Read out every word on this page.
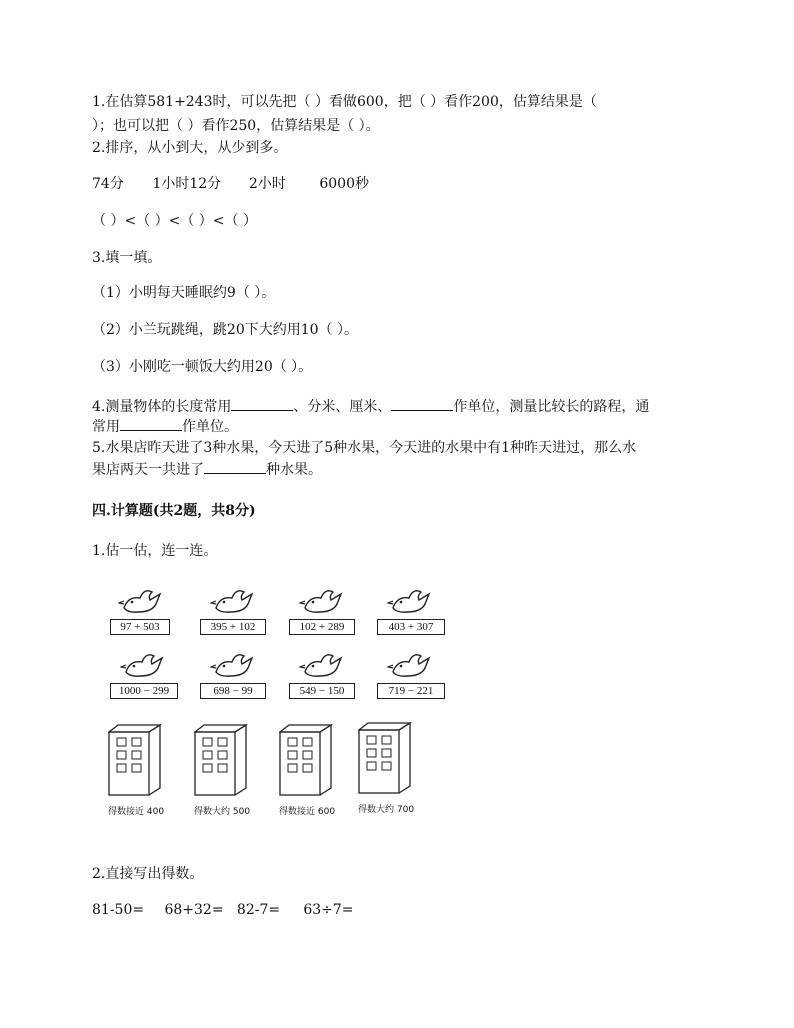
1.在估算581+243时，可以先把（ ）看做600，把（ ）看作200，估算结果是（
）；也可以把（ ）看作250，估算结果是（ ）。
2.排序，从小到大，从少到多。
74分 1小时12分 2小时 6000秒
（ ）<（ ）<（ ）<（ ）
3.填一填。
（1）小明每天睡眠约9（ ）。
（2）小兰玩跳绳，跳20下大约用10（ ）。
（3）小刚吃一顿饭大约用20（ ）。
4.测量物体的长度常用	、分米、厘米、	作单位，测量比较长的路程，通
常用	作单位。
5.水果店昨天进了3种水果，今天进了5种水果，今天进的水果中有1种昨天进过，那么水
果店两天一共进了	种水果。
四.计算题(共2题，共8分)
1.估一估，连一连。
97 + 503	395 + 102	102 + 289	403 + 307
1000 − 299	698 − 99	549 − 150	719 − 221
得数接近 400	得数大约 500	得数接近 600	得数大约 700
2.直接写出得数。
81-50= 68+32= 82-7= 63÷7=
